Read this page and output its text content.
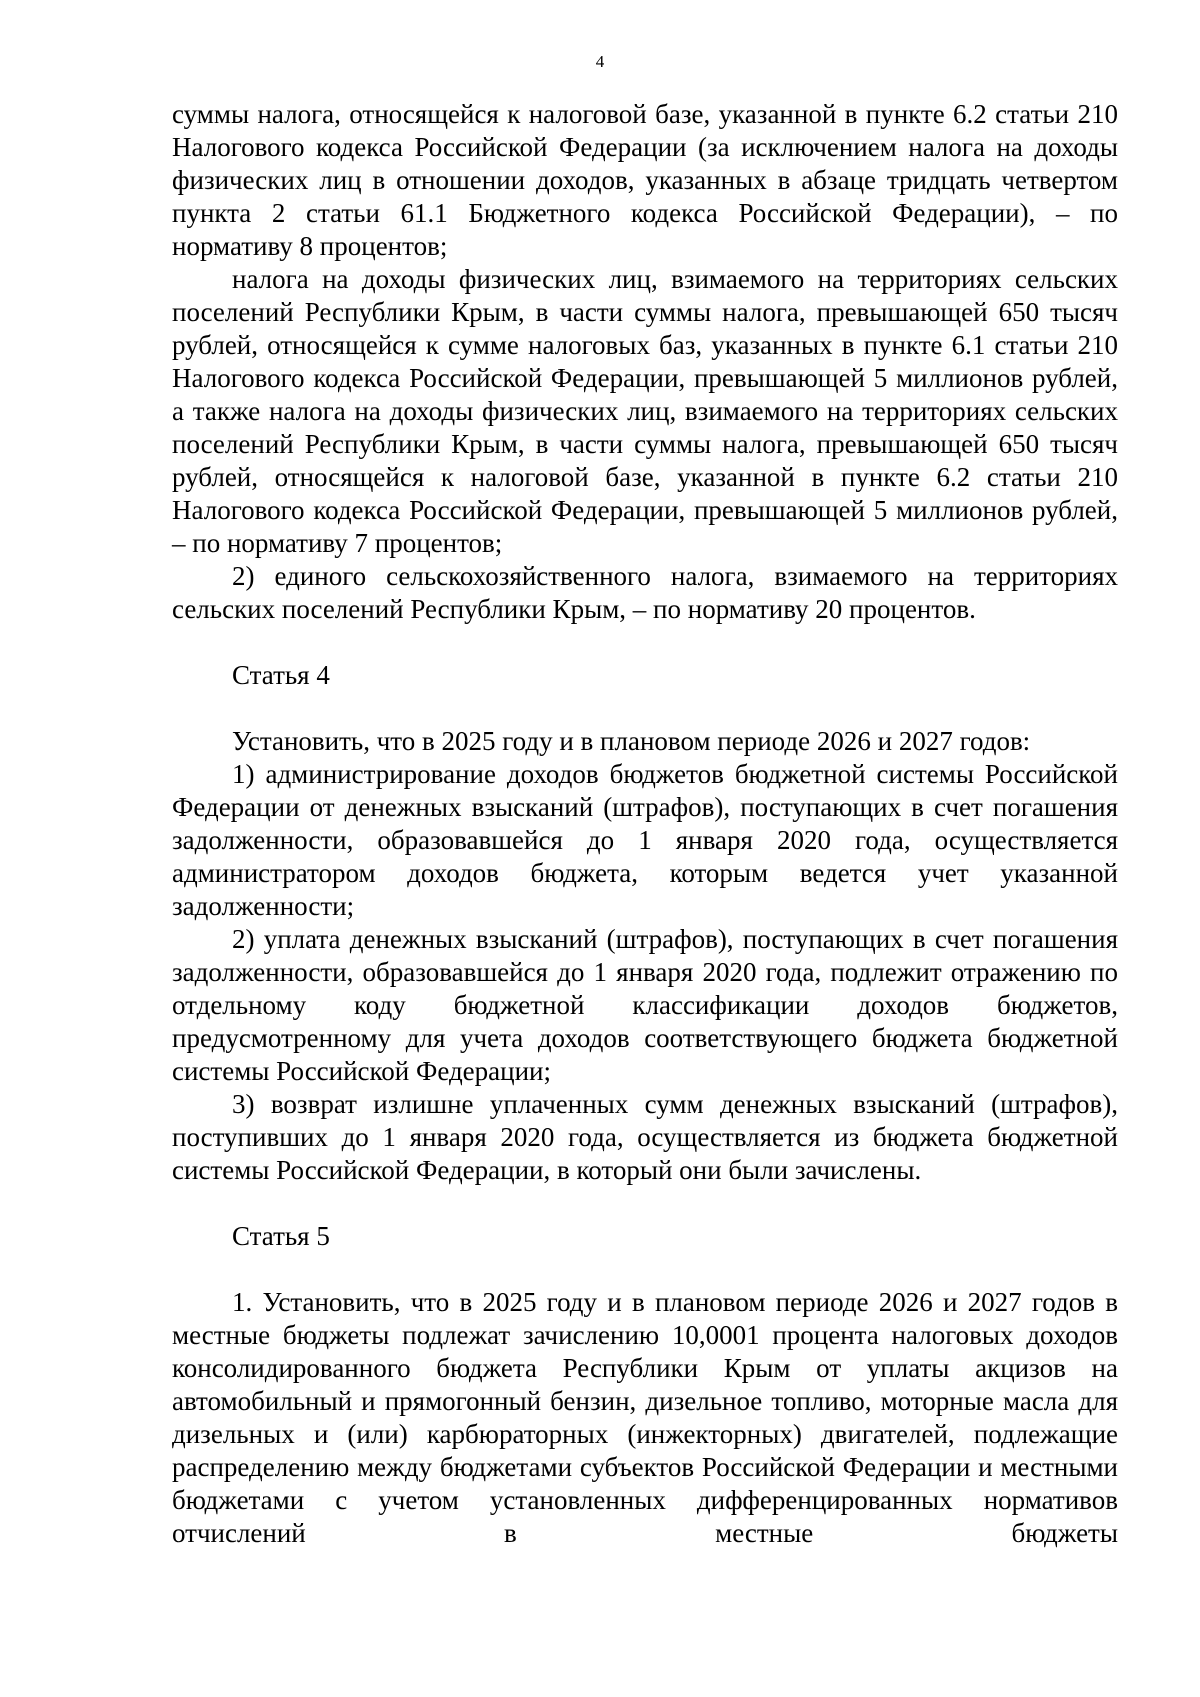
4

суммы налога, относящейся к налоговой базе, указанной в пункте 6.2 статьи 210 Налогового кодекса Российской Федерации (за исключением налога на доходы физических лиц в отношении доходов, указанных в абзаце тридцать четвертом пункта 2 статьи 61.1 Бюджетного кодекса Российской Федерации), – по нормативу 8 процентов;

налога на доходы физических лиц, взимаемого на территориях сельских поселений Республики Крым, в части суммы налога, превышающей 650 тысяч рублей, относящейся к сумме налоговых баз, указанных в пункте 6.1 статьи 210 Налогового кодекса Российской Федерации, превышающей 5 миллионов рублей, а также налога на доходы физических лиц, взимаемого на территориях сельских поселений Республики Крым, в части суммы налога, превышающей 650 тысяч рублей, относящейся к налоговой базе, указанной в пункте 6.2 статьи 210 Налогового кодекса Российской Федерации, превышающей 5 миллионов рублей, – по нормативу 7 процентов;

2) единого сельскохозяйственного налога, взимаемого на территориях сельских поселений Республики Крым, – по нормативу 20 процентов.

Статья 4

Установить, что в 2025 году и в плановом периоде 2026 и 2027 годов:

1) администрирование доходов бюджетов бюджетной системы Российской Федерации от денежных взысканий (штрафов), поступающих в счет погашения задолженности, образовавшейся до 1 января 2020 года, осуществляется администратором доходов бюджета, которым ведется учет указанной задолженности;

2) уплата денежных взысканий (штрафов), поступающих в счет погашения задолженности, образовавшейся до 1 января 2020 года, подлежит отражению по отдельному коду бюджетной классификации доходов бюджетов, предусмотренному для учета доходов соответствующего бюджета бюджетной системы Российской Федерации;

3) возврат излишне уплаченных сумм денежных взысканий (штрафов), поступивших до 1 января 2020 года, осуществляется из бюджета бюджетной системы Российской Федерации, в который они были зачислены.

Статья 5

1. Установить, что в 2025 году и в плановом периоде 2026 и 2027 годов в местные бюджеты подлежат зачислению 10,0001 процента налоговых доходов консолидированного бюджета Республики Крым от уплаты акцизов на автомобильный и прямогонный бензин, дизельное топливо, моторные масла для дизельных и (или) карбюраторных (инжекторных) двигателей, подлежащие распределению между бюджетами субъектов Российской Федерации и местными бюджетами с учетом установленных дифференцированных нормативов отчислений в местные бюджеты
